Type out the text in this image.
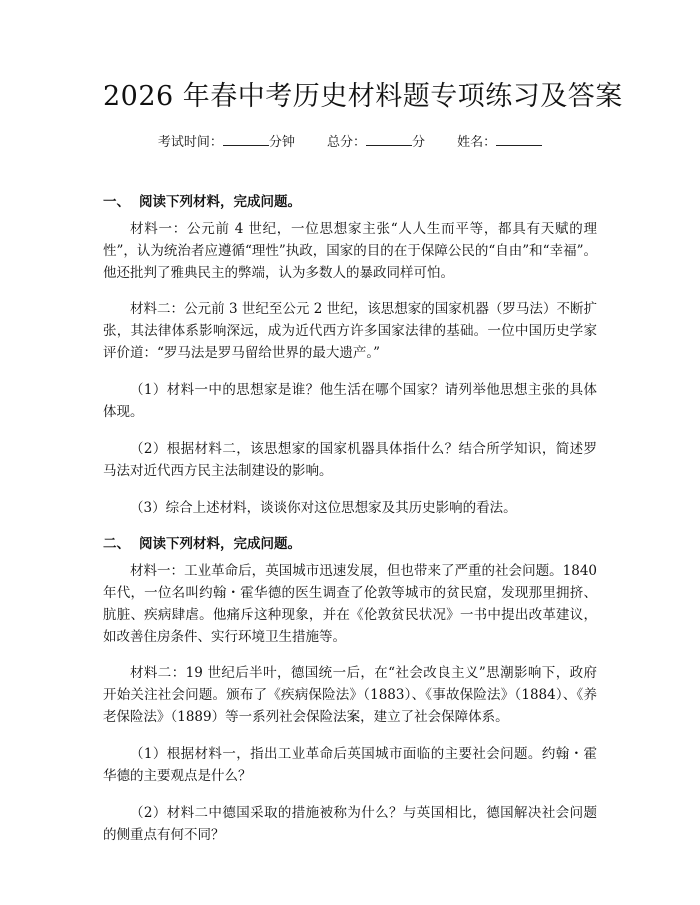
2026 年春中考历史材料题专项练习及答案
考试时间：	分钟 总分：	分 姓名：
一、 阅读下列材料，完成问题。

材料一：公元前 4 世纪，一位思想家主张“人人生而平等，都具有天赋的理性”，认为统治者应遵循“理性”执政，国家的目的在于保障公民的“自由”和“幸福”。他还批判了雅典民主的弊端，认为多数人的暴政同样可怕。

材料二：公元前 3 世纪至公元 2 世纪，该思想家的国家机器（罗马法）不断扩张，其法律体系影响深远，成为近代西方许多国家法律的基础。一位中国历史学家评价道：“罗马法是罗马留给世界的最大遗产。”

（1）材料一中的思想家是谁？他生活在哪个国家？请列举他思想主张的具体体现。

（2）根据材料二，该思想家的国家机器具体指什么？结合所学知识，简述罗马法对近代西方民主法制建设的影响。

（3）综合上述材料，谈谈你对这位思想家及其历史影响的看法。

二、 阅读下列材料，完成问题。

材料一：工业革命后，英国城市迅速发展，但也带来了严重的社会问题。1840 年代，一位名叫约翰・霍华德的医生调查了伦敦等城市的贫民窟，发现那里拥挤、肮脏、疾病肆虐。他痛斥这种现象，并在《伦敦贫民状况》一书中提出改革建议，如改善住房条件、实行环境卫生措施等。

材料二：19 世纪后半叶，德国统一后，在“社会改良主义”思潮影响下，政府开始关注社会问题。颁布了《疾病保险法》（1883）、《事故保险法》（1884）、《养老保险法》（1889）等一系列社会保险法案，建立了社会保障体系。

（1）根据材料一，指出工业革命后英国城市面临的主要社会问题。约翰・霍华德的主要观点是什么？

（2）材料二中德国采取的措施被称为什么？与英国相比，德国解决社会问题的侧重点有何不同？
